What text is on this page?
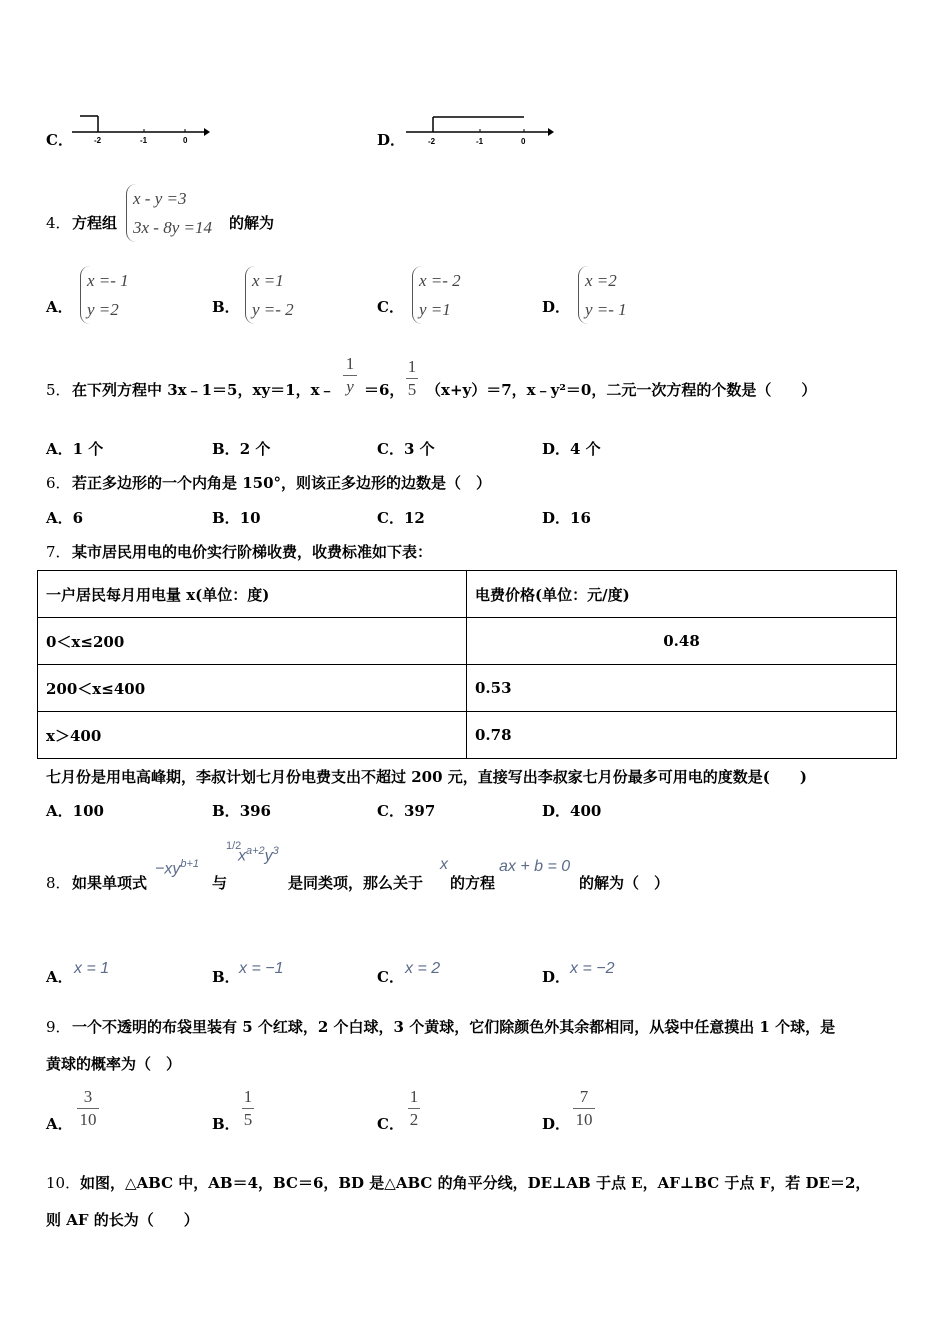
C．	-2	-1	0	D．	-2	-1	0
4． 方程组
x - y =3
3x - 8y =14 的解为
A．
x =- 1
y =2	B．
x =1
y =- 2	C．
x =- 2
y =1	D．
x =2
y =- 1
5． 在下列方程中 3x﹣1＝5，xy＝1，x﹣
1
y ＝6，
1
5 （x+y）＝7，x﹣y²＝0，二元一次方程的个数是（　　）
A．1 个	B．2 个	C．3 个	D．4 个
6． 若正多边形的一个内角是 150°，则该正多边形的边数是（　）
A．6	B．10	C．12	D．16
7． 某市居民用电的电价实行阶梯收费，收费标准如下表：
一户居民每月用电量 x(单位：度)	电费价格(单位：元/度)
0＜x≤200	0.48
200＜x≤400	0.53
x＞400	0.78
七月份是用电高峰期，李叔计划七月份电费支出不超过 200 元，直接写出李叔家七月份最多可用电的度数是(　　)
A．100	B．396	C．397	D．400
8． 如果单项式
$-xy^{b+1}$
与
1/2
$x^{a+2}y^3$
是同类项，那么关于
x
的方程
ax + b = 0
的解为（　）
A． x = 1	B． x = −1	C． x = 2	D． x = −2
9． 一个不透明的布袋里装有 5 个红球，2 个白球，3 个黄球，它们除颜色外其余都相同，从袋中任意摸出 1 个球，是
黄球的概率为（　）
A．
3
10	B．
1
5	C．
1
2	D．
7
10
10． 如图，△ABC 中，AB＝4，BC＝6，BD 是△ABC 的角平分线，DE⊥AB 于点 E，AF⊥BC 于点 F，若 DE＝2，
则 AF 的长为（　　）
